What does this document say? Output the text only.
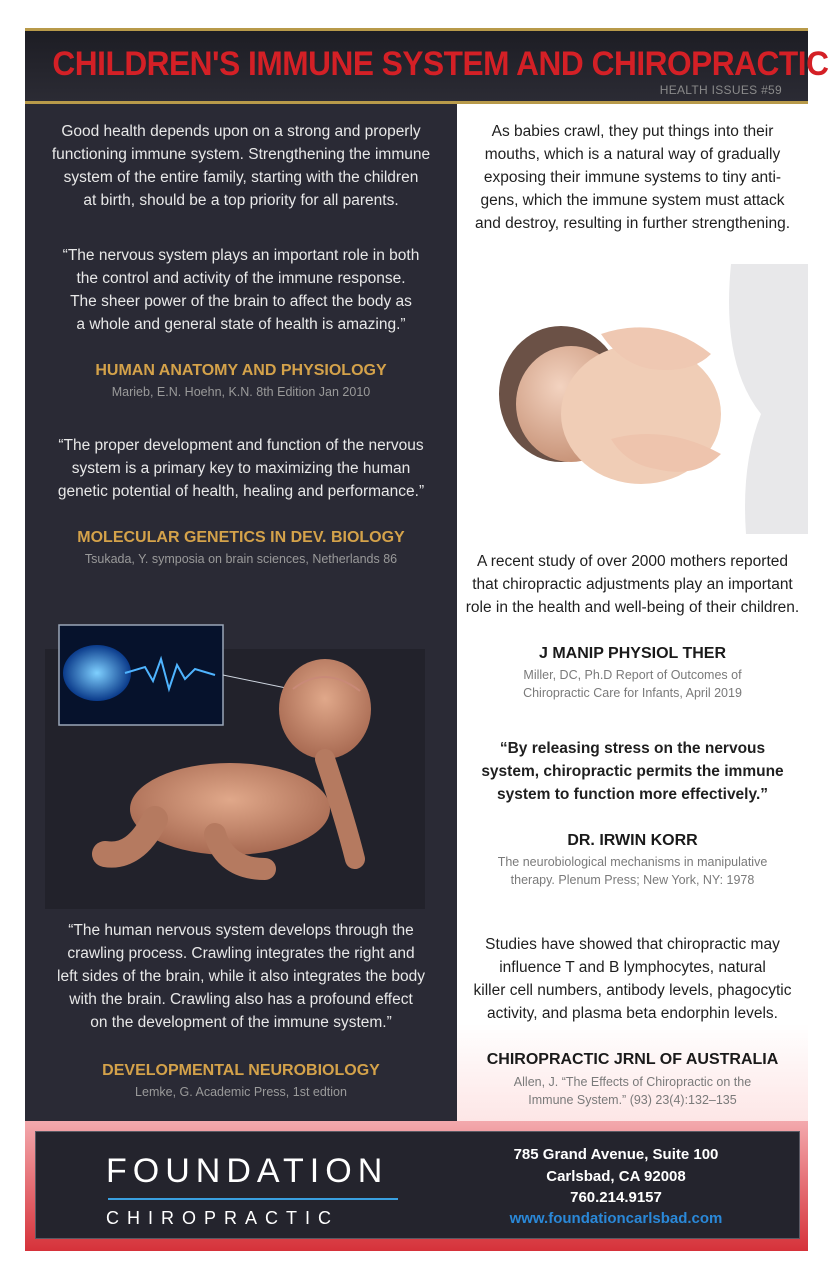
CHILDREN'S IMMUNE SYSTEM AND CHIROPRACTIC
HEALTH ISSUES #59
Good health depends upon on a strong and properly
functioning immune system. Strengthening the immune
system of the entire family, starting with the children
at birth, should be a top priority for all parents.
“The nervous system plays an important role in both
the control and activity of the immune response.
The sheer power of the brain to affect the body as
a whole and general state of health is amazing.”
HUMAN ANATOMY AND PHYSIOLOGY
Marieb, E.N. Hoehn, K.N. 8th Edition Jan 2010
“The proper development and function of the nervous
system is a primary key to maximizing the human
genetic potential of health, healing and performance.”
MOLECULAR GENETICS IN DEV. BIOLOGY
Tsukada, Y. symposia on brain sciences, Netherlands 86
“The human nervous system develops through the
crawling process. Crawling integrates the right and
left sides of the brain, while it also integrates the body
with the brain. Crawling also has a profound effect
on the development of the immune system.”
DEVELOPMENTAL NEUROBIOLOGY
Lemke, G. Academic Press, 1st edtion
As babies crawl, they put things into their
mouths, which is a natural way of gradually
exposing their immune systems to tiny anti-
gens, which the immune system must attack
and destroy, resulting in further strengthening.
A recent study of over 2000 mothers reported
that chiropractic adjustments play an important
role in the health and well-being of their children.
J MANIP PHYSIOL THER
Miller, DC, Ph.D Report of Outcomes of
Chiropractic Care for Infants, April 2019
“By releasing stress on the nervous
system, chiropractic permits the immune
system to function more effectively.”
DR. IRWIN KORR
The neurobiological mechanisms in manipulative
therapy. Plenum Press; New York, NY: 1978
Studies have showed that chiropractic may
influence T and B lymphocytes, natural
killer cell numbers, antibody levels, phagocytic
activity, and plasma beta endorphin levels.
CHIROPRACTIC JRNL OF AUSTRALIA
Allen, J. “The Effects of Chiropractic on the
Immune System.” (93) 23(4):132–135
FOUNDATION
CHIROPRACTIC
785 Grand Avenue, Suite 100
Carlsbad, CA 92008
760.214.9157
www.foundationcarlsbad.com
